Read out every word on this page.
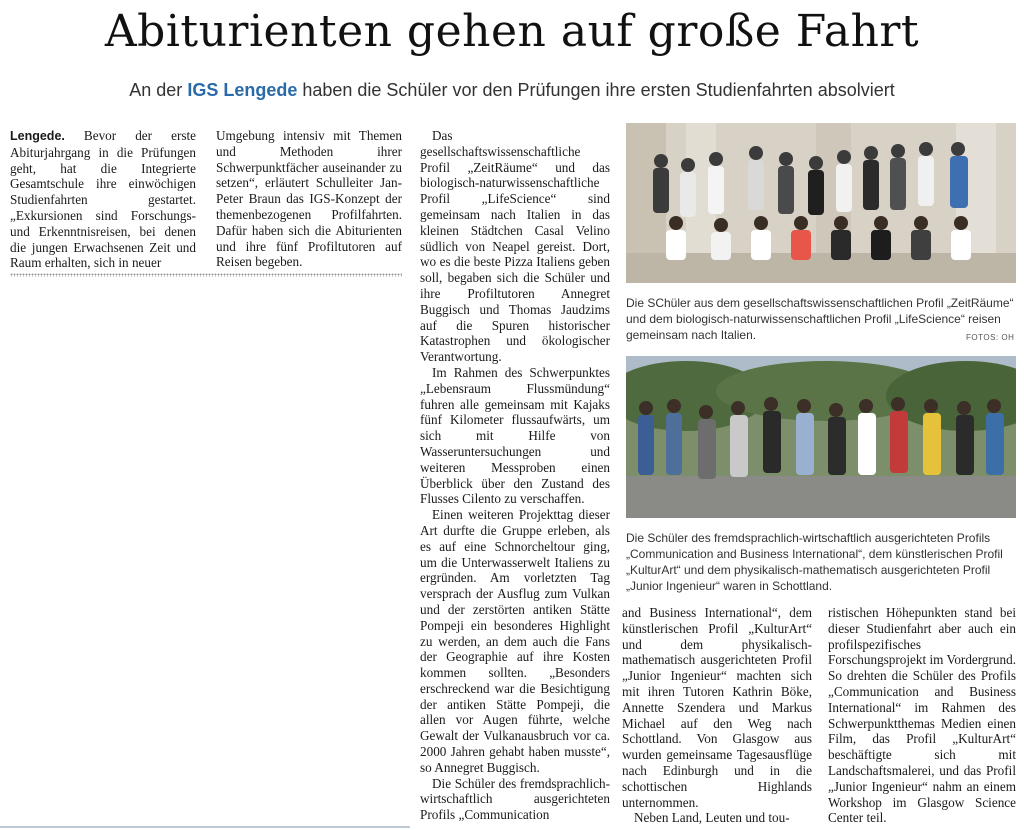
Abiturienten gehen auf große Fahrt
An der IGS Lengede haben die Schüler vor den Prüfungen ihre ersten Studienfahrten absolviert

Lengede. Bevor der erste Abiturjahrgang in die Prüfungen geht, hat die Integrierte Gesamtschule ihre einwöchigen Studienfahrten gestartet. „Exkursionen sind Forschungs- und Erkenntnisreisen, bei denen die jungen Erwachsenen Zeit und Raum erhalten, sich in neuer

Umgebung intensiv mit Themen und Methoden ihrer Schwerpunktfächer auseinander zu setzen“, erläutert Schulleiter Jan-Peter Braun das IGS-Konzept der themenbezogenen Profilfahrten. Dafür haben sich die Abiturienten und ihre fünf Profiltutoren auf Reisen begeben.

Das gesellschaftswissenschaftliche Profil „ZeitRäume“ und das biologisch-naturwissenschaftliche Profil „LifeScience“ sind gemeinsam nach Italien in das kleinen Städtchen Casal Velino südlich von Neapel gereist. Dort, wo es die beste Pizza Italiens geben soll, begaben sich die Schüler und ihre Profiltutoren Annegret Buggisch und Thomas Jaudzims auf die Spuren historischer Katastrophen und ökologischer Verantwortung.

Im Rahmen des Schwerpunktes „Lebensraum Flussmündung“ fuhren alle gemeinsam mit Kajaks fünf Kilometer flussaufwärts, um sich mit Hilfe von Wasseruntersuchungen und weiteren Messproben einen Überblick über den Zustand des Flusses Cilento zu verschaffen.

Einen weiteren Projekttag dieser Art durfte die Gruppe erleben, als es auf eine Schnorcheltour ging, um die Unterwasserwelt Italiens zu ergründen. Am vorletzten Tag versprach der Ausflug zum Vulkan und der zerstörten antiken Stätte Pompeji ein besonderes Highlight zu werden, an dem auch die Fans der Geographie auf ihre Kosten kommen sollten. „Besonders erschreckend war die Besichtigung der antiken Stätte Pompeji, die allen vor Augen führte, welche Gewalt der Vulkanausbruch vor ca. 2000 Jahren gehabt haben musste“, so Annegret Buggisch.

Die Schüler des fremdsprachlich-wirtschaftlich ausgerichteten Profils „Communication

Die SChüler aus dem gesellschaftswissenschaftlichen Profil „ZeitRäume“ und dem biologisch-naturwissenschaftlichen Profil „LifeScience“ reisen gemeinsam nach Italien.	FOTOS: OH
Die Schüler des fremdsprachlich-wirtschaftlich ausgerichteten Profils „Communication and Business International“, dem künstlerischen Profil „KulturArt“ und dem physikalisch-mathematisch ausgerichteten Profil „Junior Ingenieur“ waren in Schottland.

and Business International“, dem künstlerischen Profil „KulturArt“ und dem physikalisch-mathematisch ausgerichteten Profil „Junior Ingenieur“ machten sich mit ihren Tutoren Kathrin Böke, Annette Szendera und Markus Michael auf den Weg nach Schottland. Von Glasgow aus wurden gemeinsame Tagesausflüge nach Edinburgh und in die schottischen Highlands unternommen.

Neben Land, Leuten und tou-

ristischen Höhepunkten stand bei dieser Studienfahrt aber auch ein profilspezifisches Forschungsprojekt im Vordergrund. So drehten die Schüler des Profils „Communication and Business International“ im Rahmen des Schwerpunktthemas Medien einen Film, das Profil „KulturArt“ beschäftigte sich mit Landschaftsmalerei, und das Profil „Junior Ingenieur“ nahm an einem Workshop im Glasgow Science Center teil.
